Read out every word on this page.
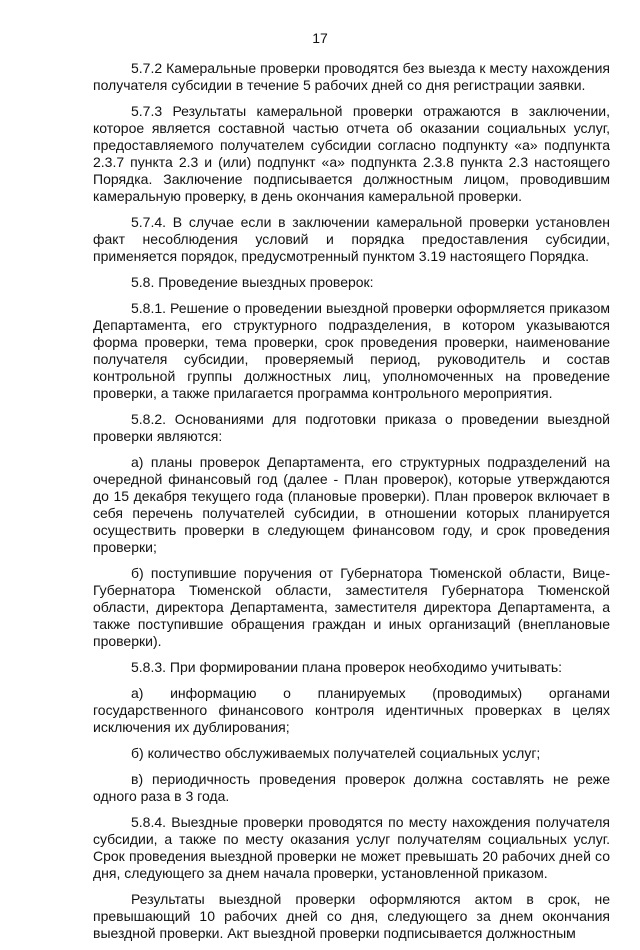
17

5.7.2 Камеральные проверки проводятся без выезда к месту нахождения получателя субсидии в течение 5 рабочих дней со дня регистрации заявки.

5.7.3 Результаты камеральной проверки отражаются в заключении, которое является составной частью отчета об оказании социальных услуг, предоставляемого получателем субсидии согласно подпункту «а» подпункта 2.3.7 пункта 2.3 и (или) подпункт «а» подпункта 2.3.8 пункта 2.3 настоящего Порядка. Заключение подписывается должностным лицом, проводившим камеральную проверку, в день окончания камеральной проверки.

5.7.4. В случае если в заключении камеральной проверки установлен факт несоблюдения условий и порядка предоставления субсидии, применяется порядок, предусмотренный пунктом 3.19 настоящего Порядка.

5.8. Проведение выездных проверок:

5.8.1. Решение о проведении выездной проверки оформляется приказом Департамента, его структурного подразделения, в котором указываются форма проверки, тема проверки, срок проведения проверки, наименование получателя субсидии, проверяемый период, руководитель и состав контрольной группы должностных лиц, уполномоченных на проведение проверки, а также прилагается программа контрольного мероприятия.

5.8.2. Основаниями для подготовки приказа о проведении выездной проверки являются:

а) планы проверок Департамента, его структурных подразделений на очередной финансовый год (далее - План проверок), которые утверждаются до 15 декабря текущего года (плановые проверки). План проверок включает в себя перечень получателей субсидии, в отношении которых планируется осуществить проверки в следующем финансовом году, и срок проведения проверки;

б) поступившие поручения от Губернатора Тюменской области, Вице-Губернатора Тюменской области, заместителя Губернатора Тюменской области, директора Департамента, заместителя директора Департамента, а также поступившие обращения граждан и иных организаций (внеплановые проверки).

5.8.3. При формировании плана проверок необходимо учитывать:

а) информацию о планируемых (проводимых) органами государственного финансового контроля идентичных проверках в целях исключения их дублирования;

б) количество обслуживаемых получателей социальных услуг;

в) периодичность проведения проверок должна составлять не реже одного раза в 3 года.

5.8.4. Выездные проверки проводятся по месту нахождения получателя субсидии, а также по месту оказания услуг получателям социальных услуг. Срок проведения выездной проверки не может превышать 20 рабочих дней со дня, следующего за днем начала проверки, установленной приказом.

Результаты выездной проверки оформляются актом в срок, не превышающий 10 рабочих дней со дня, следующего за днем окончания выездной проверки. Акт выездной проверки подписывается должностным
